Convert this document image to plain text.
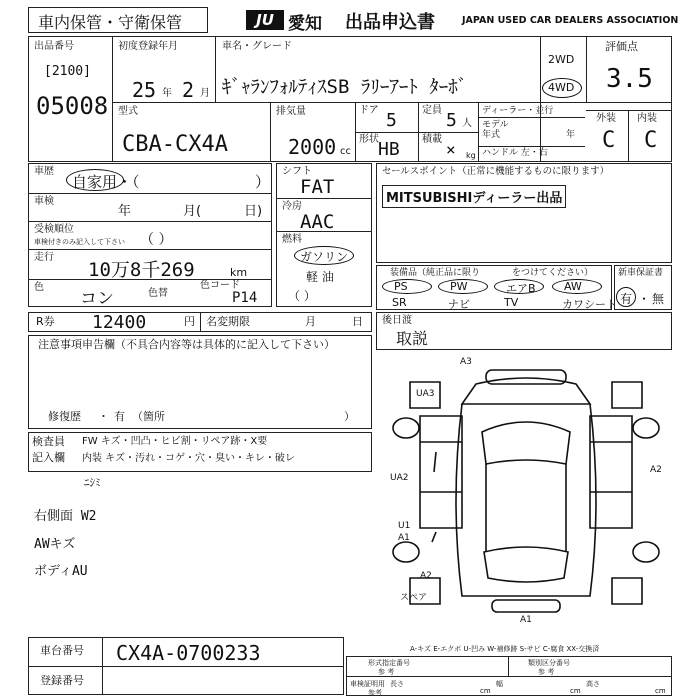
車内保管・守衛保管	JU 愛知 出品申込書	JAPAN USED CAR DEALERS ASSOCIATION
出品番号
[2100]
05008
初度登録年月
25 年 2 月
車名・グレード
ｷﾞｬﾗﾝﾌｫﾙﾃｨｽSB ﾗﾘｰｱｰﾄ ﾀｰﾎﾞ
2WD
4WD
評価点
3.5
外装 内装
C C
型式
CBA-CX4A
排気量
2000 cc
ドア 5	定員 5 人
形状 HB 積載
× kg
ディーラー・並行
モデル年式	年
ハンドル 左・右
車歴
自家用・（	）
車検
年	月(	日)
受検順位
車検付きのみ記入して下さい （ ）
走行
10万8千269	km
色
コン	色替
色コード
P14
シフト
FAT
冷房
AAC
燃料
ガソリン
軽 油
（ ）
セールスポイント（正常に機能するものに限ります）
MITSUBISHIディーラー出品
装備品（純正品に限り	をつけてください）
PS	PW	エアB	AW
SR	ナビ	TV	カワシート
新車保証書
有 ・ 無
R券 12400	円 名変期限	月	日
注意事項申告欄（不具合内容等は具体的に記入して下さい）
修復歴 ・ 有 （箇所	）
後日渡
取説
検査員
記入欄
FW キズ・凹凸・ヒビ割・リペア跡・X要
内装 キズ・汚れ・コゲ・穴・臭い・キレ・破レ
ﾆｼﾐ
右側面 W2
AWキズ
ボディAU
A3
UA3
UA2
A2
U1
A1
A2
A1
スペア
A-キズ E-エクボ U-凹み W-補修跡 S-サビ C-腐食 XX-交換済
車台番号 CX4A-0700233
登録番号
形式指定番号
参 考
類別区分番号
参 考
車検証明用 長さ
参考	cm
幅
cm
高さ
cm
